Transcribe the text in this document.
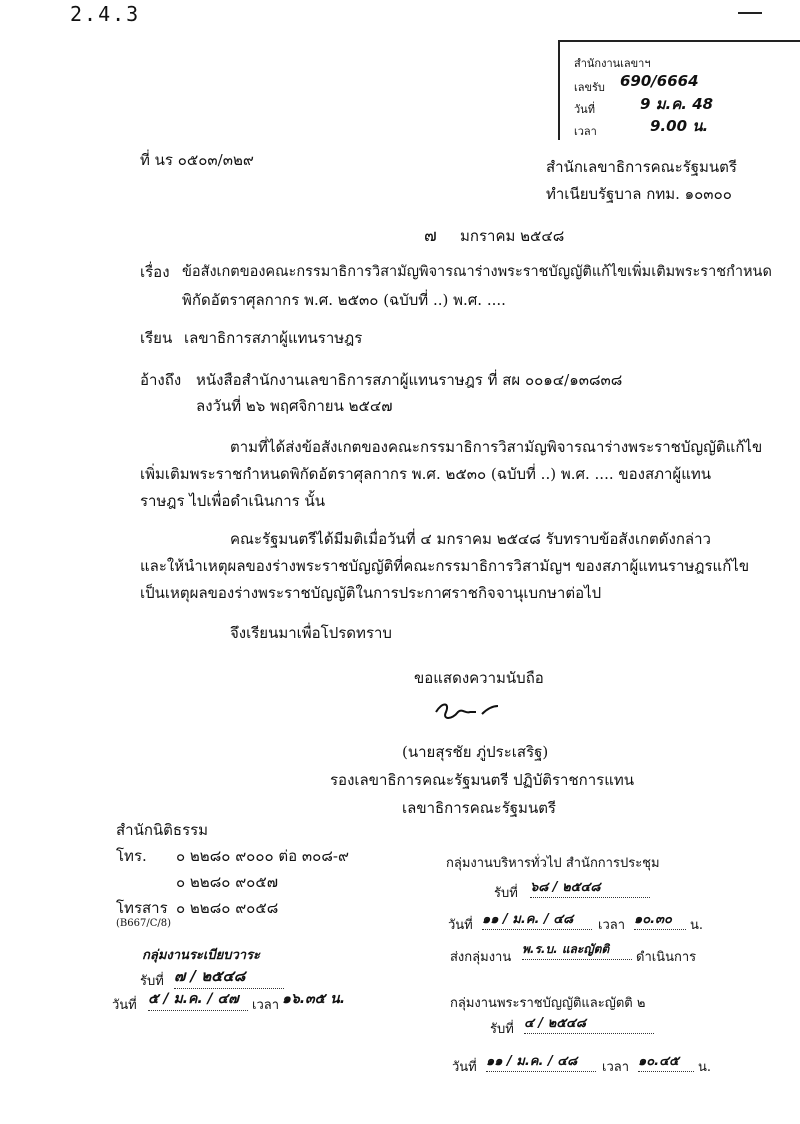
2.4.3
สำนักงานเลขาฯ
เลขรับ 690/6664
วันที่	9 ม.ค. 48
เวลา	9.00 น.
ที่ นร ๐๕๐๓/๓๒๙	สำนักเลขาธิการคณะรัฐมนตรี
ทำเนียบรัฐบาล กทม. ๑๐๓๐๐
๗ มกราคม ๒๕๔๘
เรื่อง ข้อสังเกตของคณะกรรมาธิการวิสามัญพิจารณาร่างพระราชบัญญัติแก้ไขเพิ่มเติมพระราชกำหนด
พิกัดอัตราศุลกากร พ.ศ. ๒๕๓๐ (ฉบับที่ ..) พ.ศ. ....
เรียน เลขาธิการสภาผู้แทนราษฎร
อ้างถึง หนังสือสำนักงานเลขาธิการสภาผู้แทนราษฎร ที่ สผ ๐๐๑๔/๑๓๘๓๘
ลงวันที่ ๒๖ พฤศจิกายน ๒๕๔๗
ตามที่ได้ส่งข้อสังเกตของคณะกรรมาธิการวิสามัญพิจารณาร่างพระราชบัญญัติแก้ไข
เพิ่มเติมพระราชกำหนดพิกัดอัตราศุลกากร พ.ศ. ๒๕๓๐ (ฉบับที่ ..) พ.ศ. .... ของสภาผู้แทน
ราษฎร ไปเพื่อดำเนินการ นั้น
คณะรัฐมนตรีได้มีมติเมื่อวันที่ ๔ มกราคม ๒๕๔๘ รับทราบข้อสังเกตดังกล่าว
และให้นำเหตุผลของร่างพระราชบัญญัติที่คณะกรรมาธิการวิสามัญฯ ของสภาผู้แทนราษฎรแก้ไข
เป็นเหตุผลของร่างพระราชบัญญัติในการประกาศราชกิจจานุเบกษาต่อไป
จึงเรียนมาเพื่อโปรดทราบ
ขอแสดงความนับถือ
(นายสุรชัย ภู่ประเสริฐ)
รองเลขาธิการคณะรัฐมนตรี ปฏิบัติราชการแทน
เลขาธิการคณะรัฐมนตรี
สำนักนิติธรรม
โทร. ๐ ๒๒๘๐ ๙๐๐๐ ต่อ ๓๐๘-๙
๐ ๒๒๘๐ ๙๐๕๗
โทรสาร ๐ ๒๒๘๐ ๙๐๕๘
(B667/C/8)
กลุ่มงานระเบียบวาระ
รับที่ ๗ / ๒๕๔๘
วันที่ ๕ / ม.ค. / ๔๗	เวลา ๑๖.๓๕ น.
กลุ่มงานบริหารทั่วไป สำนักการประชุม
รับที่ ๖๘ / ๒๕๔๘
วันที่ ๑๑ / ม.ค. / ๔๘	เวลา ๑๐.๓๐	น.
ส่งกลุ่มงาน
พ.ร.บ. และญัตติ
ดำเนินการ
กลุ่มงานพระราชบัญญัติและญัตติ ๒
รับที่ ๔ / ๒๕๔๘
วันที่ ๑๑ / ม.ค. / ๔๘	เวลา ๑๐.๔๕	น.
